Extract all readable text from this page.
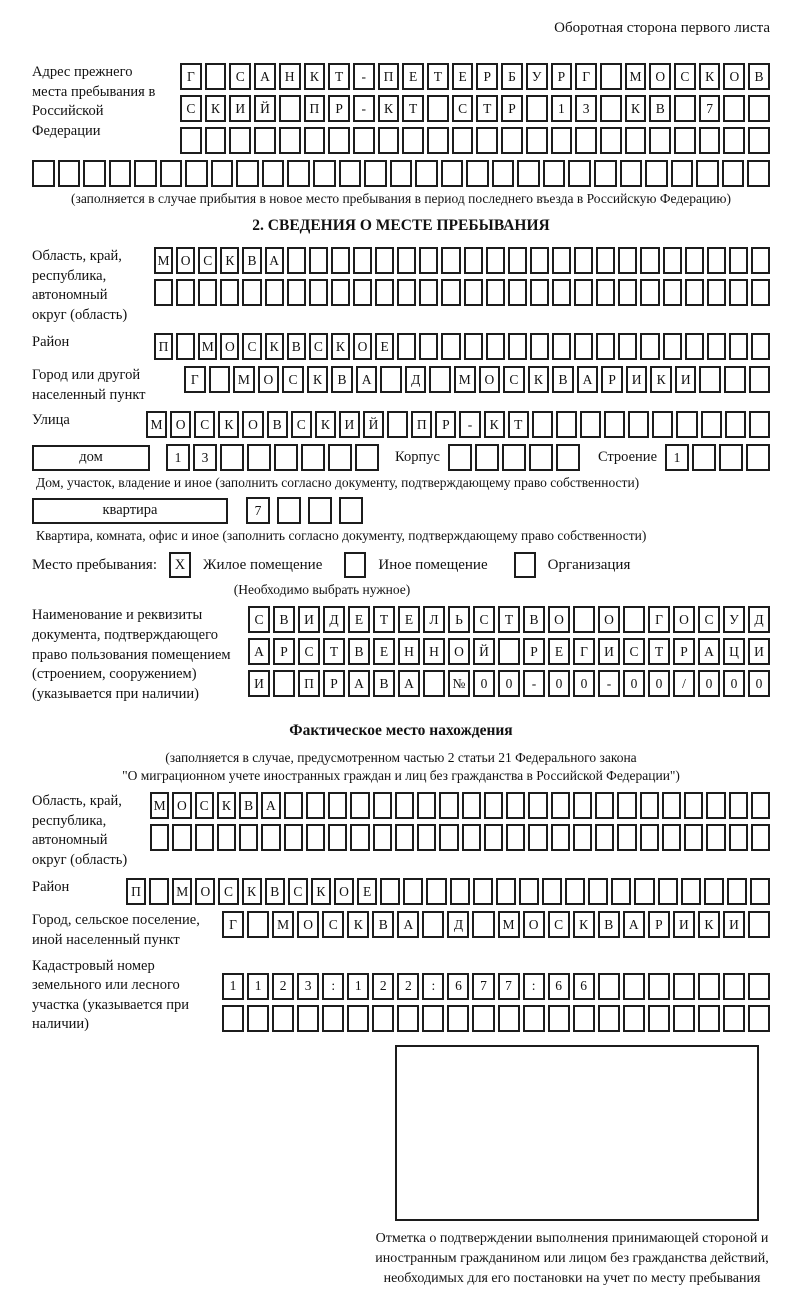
Оборотная сторона первого листа
Адрес прежнего места пребывания в Российской Федерации
Г	С	А	Н	К	Т	-	П	Е	Т	Е	Р	Б	У	Р	Г	М	О	С	К	О	В
С	К	И	Й	П	Р	-	К	Т	С	Т	Р	1	3	К	В	7
(заполняется в случае прибытия в новое место пребывания в период последнего въезда в Российскую Федерацию)
2. СВЕДЕНИЯ О МЕСТЕ ПРЕБЫВАНИЯ
Область, край, республика, автономный округ (область)
М О С К В А
Район	П	М О С К В С К О Е
Город или другой населенный пункт
Г	М	О	С	К	В	А	Д	М	О	С	К	В	А	Р	И	К	И
Улица	М О	С	К	О	В	С	К	И	Й	П	Р	-	К	Т
дом	1	3	Корпус	Строение	1
Дом, участок, владение и иное (заполнить согласно документу, подтверждающему право собственности)
квартира	7
Квартира, комната, офис и иное (заполнить согласно документу, подтверждающему право собственности)
Место пребывания:	X	Жилое помещение	Иное помещение	Организация
(Необходимо выбрать нужное)
Наименование и реквизиты документа, подтверждающего право пользования помещением (строением, сооружением) (указывается при наличии)
С	В	И	Д	Е	Т	Е	Л	Ь	С	Т	В	О	О	Г	О	С	У	Д
А	Р	С	Т	В	Е	Н	Н	О	Й	Р	Е	Г	И	С	Т	Р	А	Ц	И
И	П	Р	А	В	А	№	0	0	-	0	0	-	0	0	/	0	0	0
Фактическое место нахождения
(заполняется в случае, предусмотренном частью 2 статьи 21 Федерального закона
"О миграционном учете иностранных граждан и лиц без гражданства в Российской Федерации")
Область, край, республика, автономный округ (область)
М О С К В А
Район	П	М О	С	К	В	С	К	О	Е
Город, сельское поселение, иной населенный пункт
Г	М	О	С	К	В	А	Д	М	О	С	К	В	А	Р	И	К	И
Кадастровый номер земельного или лесного участка (указывается при наличии)
1	1	2	3	:	1	2	2	:	6	7	7	:	6	6
Отметка о подтверждении выполнения принимающей стороной и иностранным гражданином или лицом без гражданства действий, необходимых для его постановки на учет по месту пребывания
